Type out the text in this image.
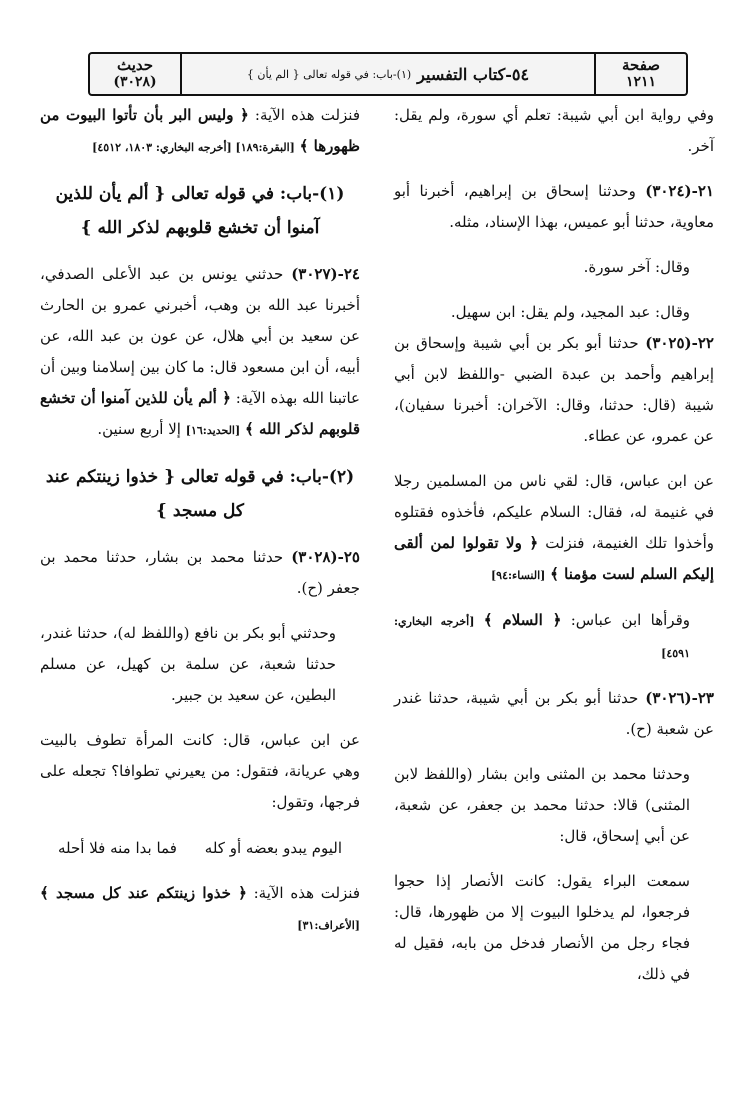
صفحة
١٢١١
٥٤-كتاب التفسير
(١)-باب: في قوله تعالى { الم يأن }
حديث
(٣٠٢٨)

وفي رواية ابن أبي شيبة: تعلم أي سورة، ولم يقل: آخر.

٢١-(٣٠٢٤) وحدثنا إسحاق بن إبراهيم، أخبرنا أبو معاوية، حدثنا أبو عميس، بهذا الإسناد، مثله.

وقال: آخر سورة.

وقال: عبد المجيد، ولم يقل: ابن سهيل.

٢٢-(٣٠٢٥) حدثنا أبو بكر بن أبي شيبة وإسحاق بن إبراهيم وأحمد بن عبدة الضبي -واللفظ لابن أبي شيبة (قال: حدثنا، وقال: الآخران: أخبرنا سفيان)، عن عمرو، عن عطاء.

عن ابن عباس، قال: لقي ناس من المسلمين رجلا في غنيمة له، فقال: السلام عليكم، فأخذوه فقتلوه وأخذوا تلك الغنيمة، فنزلت ﴿ ولا تقولوا لمن ألقى إليكم السلم لست مؤمنا ﴾ [النساء:٩٤]

وقرأها ابن عباس: ﴿ السلام ﴾ [أخرجه البخاري: ٤٥٩١]

٢٣-(٣٠٢٦) حدثنا أبو بكر بن أبي شيبة، حدثنا غندر عن شعبة (ح).

وحدثنا محمد بن المثنى وابن بشار (واللفظ لابن المثنى) قالا: حدثنا محمد بن جعفر، عن شعبة، عن أبي إسحاق، قال:

سمعت البراء يقول: كانت الأنصار إذا حجوا فرجعوا، لم يدخلوا البيوت إلا من ظهورها، قال: فجاء رجل من الأنصار فدخل من بابه، فقيل له في ذلك،

فنزلت هذه الآية: ﴿ وليس البر بأن تأتوا البيوت من ظهورها ﴾ [البقرة:١٨٩] [أخرجه البخاري: ١٨٠٣، ٤٥١٢]

(١)-باب: في قوله تعالى { ألم يأن للذين آمنوا أن تخشع قلوبهم لذكر الله }

٢٤-(٣٠٢٧) حدثني يونس بن عبد الأعلى الصدفي، أخبرنا عبد الله بن وهب، أخبرني عمرو بن الحارث عن سعيد بن أبي هلال، عن عون بن عبد الله، عن أبيه، أن ابن مسعود قال: ما كان بين إسلامنا وبين أن عاتبنا الله بهذه الآية: ﴿ ألم يأن للذين آمنوا أن تخشع قلوبهم لذكر الله ﴾ [الحديد:١٦] إلا أربع سنين.

(٢)-باب: في قوله تعالى { خذوا زينتكم عند كل مسجد }

٢٥-(٣٠٢٨) حدثنا محمد بن بشار، حدثنا محمد بن جعفر (ح).

وحدثني أبو بكر بن نافع (واللفظ له)، حدثنا غندر، حدثنا شعبة، عن سلمة بن كهيل، عن مسلم البطين، عن سعيد بن جبير.

عن ابن عباس، قال: كانت المرأة تطوف بالبيت وهي عريانة، فتقول: من يعيرني تطوافا؟ تجعله على فرجها، وتقول:

اليوم يبدو بعضه أو كله
فما بدا منه فلا أحله

فنزلت هذه الآية: ﴿ خذوا زينتكم عند كل مسجد ﴾ [الأعراف:٣١]
